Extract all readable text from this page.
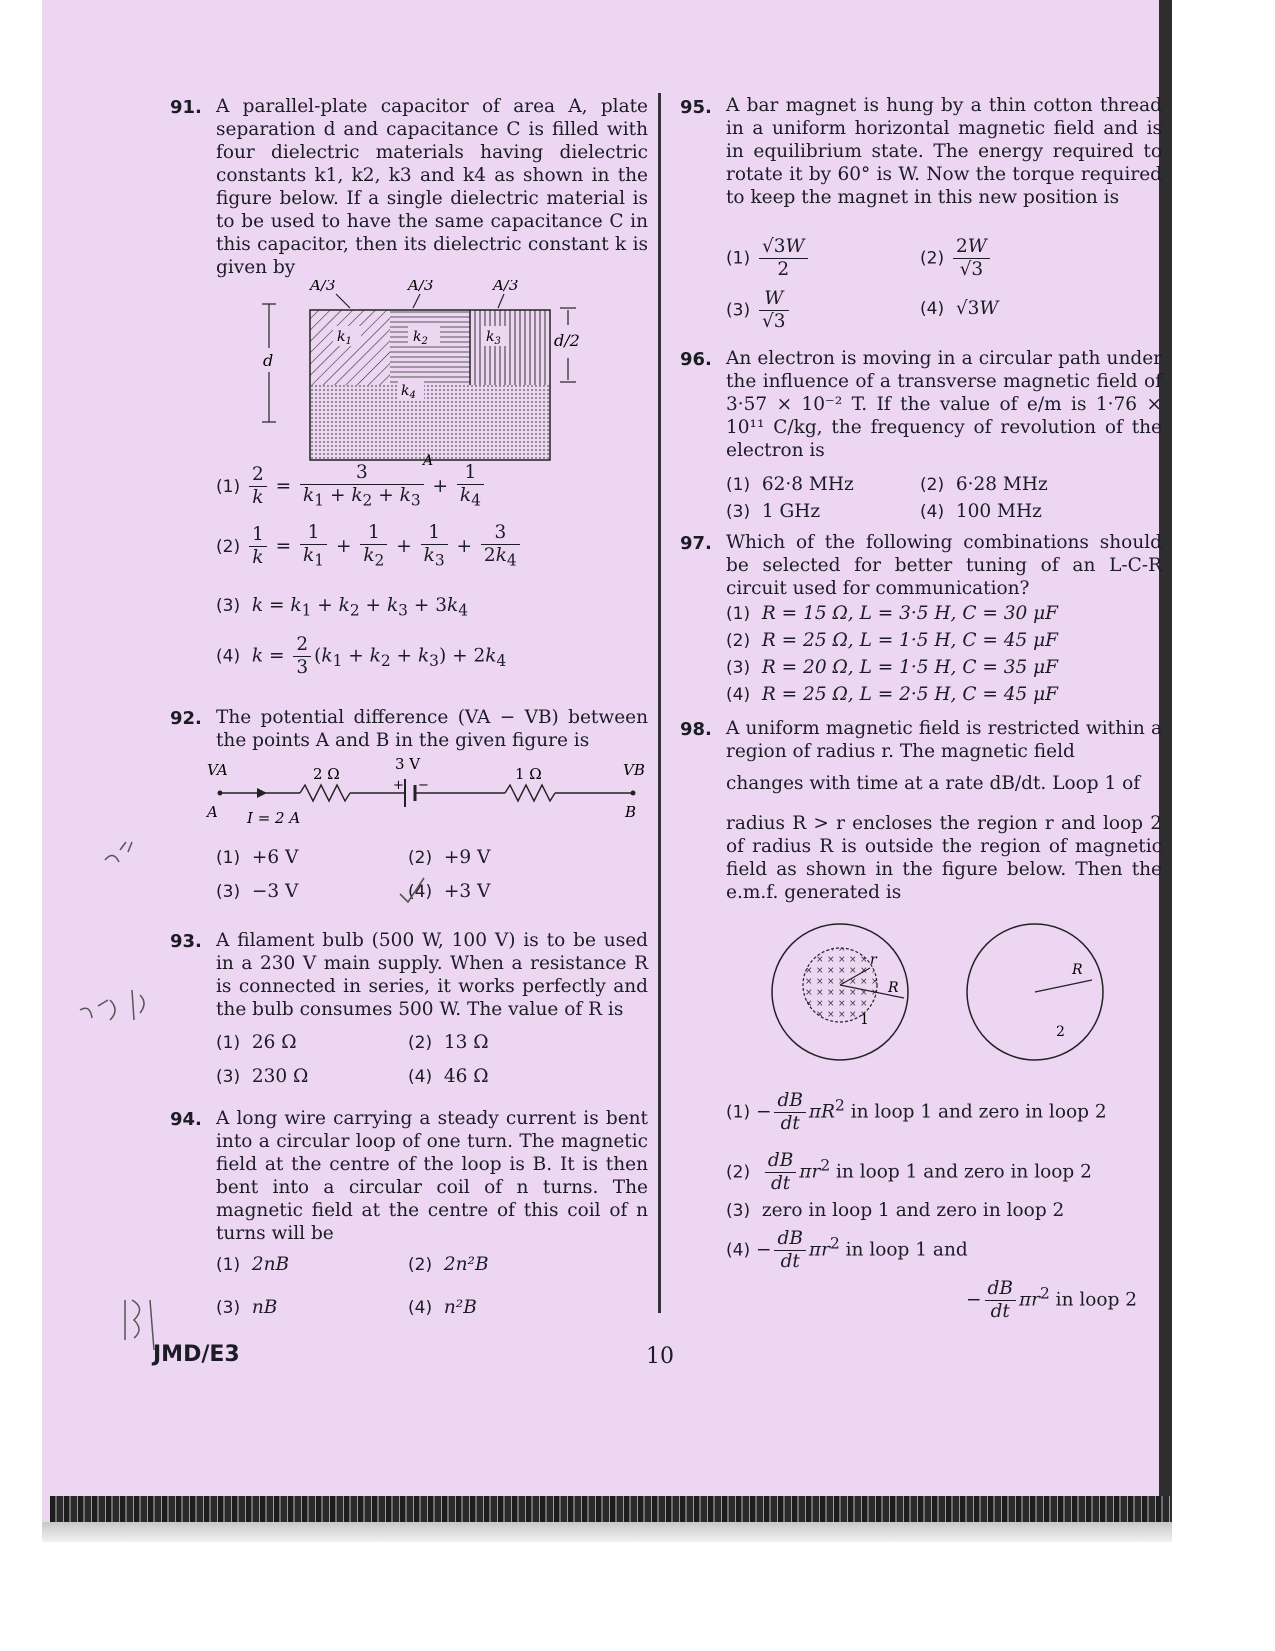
91. A parallel-plate capacitor of area A, plate separation d and capacitance C is filled with four dielectric materials having dielectric constants k1, k2, k3 and k4 as shown in the figure below. If a single dielectric material is to be used to have the same capacitance C in this capacitor, then its dielectric constant k is given by
$k_1$	$k_2$	$k_3$
$k_4$
A/3	A/3	A/3
d
d/2
A
$(1) \frac{2}{k} = \frac{3}{k_1 + k_2 + k_3} + \frac{1}{k_4}$
$(2) \frac{1}{k} = \frac{1}{k_1} + \frac{1}{k_2} + \frac{1}{k_3} + \frac{3}{2k_4}$
(3) $k = k_1 + k_2 + k_3 + 3k_4$
(4) $k = \frac{2}{3} (k_1 + k_2 + k_3) + 2k_4$
92. The potential difference (VA − VB) between the points A and B in the given figure is
VA	VB
2 Ω
3 V
+ −
1 Ω
A	B
I = 2 A
(1) +6 V	(2) +9 V
(3) −3 V	(4) +3 V
93. A filament bulb (500 W, 100 V) is to be used in a 230 V main supply. When a resistance R is connected in series, it works perfectly and the bulb consumes 500 W. The value of R is
(1) 26 Ω	(2) 13 Ω
(3) 230 Ω	(4) 46 Ω
94. A long wire carrying a steady current is bent into a circular loop of one turn. The magnetic field at the centre of the loop is B. It is then bent into a circular coil of n turns. The magnetic field at the centre of this coil of n turns will be
(1) 2nB	(2) 2n²B
(3) nB	(4) n²B
95. A bar magnet is hung by a thin cotton thread in a uniform horizontal magnetic field and is in equilibrium state. The energy required to rotate it by 60° is W. Now the torque required to keep the magnet in this new position is
$(1) \frac{√3W}{2}$	$(2) \frac{2W}{√3}$
$(3) \frac{W}{√3}$	(4)  √3W
96. An electron is moving in a circular path under the influence of a transverse magnetic field of 3·57 × 10⁻² T. If the value of e/m is 1·76 × 10¹¹ C/kg, the frequency of revolution of the electron is
(1) 62·8 MHz	(2) 6·28 MHz
(3) 1 GHz	(4) 100 MHz
97. Which of the following combinations should be selected for better tuning of an L-C-R circuit used for communication?
(1) R = 15 Ω, L = 3·5 H, C = 30 μF
(2) R = 25 Ω, L = 1·5 H, C = 45 μF
(3) R = 20 Ω, L = 1·5 H, C = 35 μF
(4) R = 25 Ω, L = 2·5 H, C = 45 μF
98. A uniform magnetic field is restricted within a region of radius r. The magnetic field
changes with time at a rate dB/dt. Loop 1 of
radius R > r encloses the region r and loop 2 of radius R is outside the region of magnetic field as shown in the figure below. Then the e.m.f. generated is
r
R
1
R
2
$(1) - \frac{dB}{dt} \pi R^2$ in loop 1 and zero in loop 2
$(2) \frac{dB}{dt} \pi r^2$ in loop 1 and zero in loop 2
(3)  zero in loop 1 and zero in loop 2
$(4) - \frac{dB}{dt} \pi r^2$ in loop 1 and
− $\frac{dB}{dt} \pi r^2$ in loop 2
JMD/E3	10
